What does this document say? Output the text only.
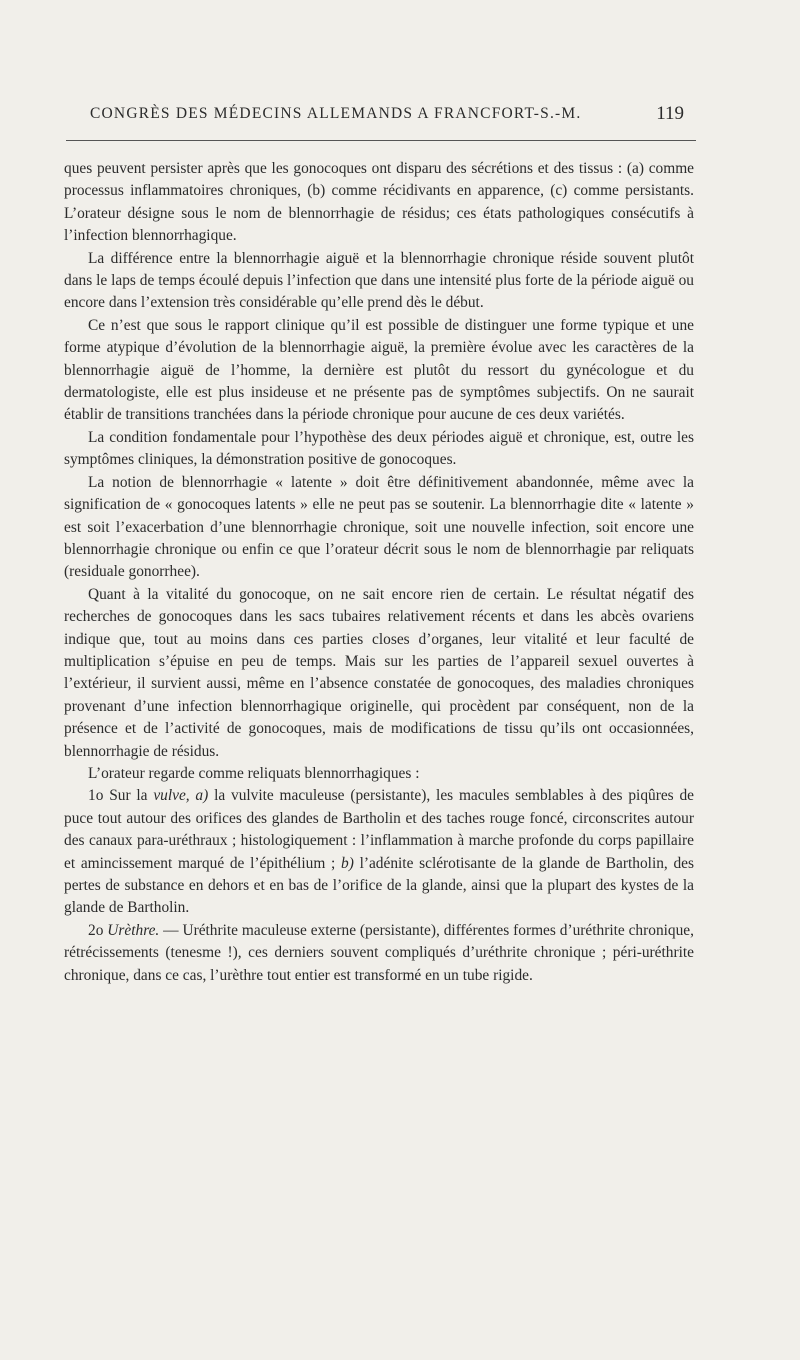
CONGRÈS DES MÉDECINS ALLEMANDS A FRANCFORT-S.-M.	119

ques peuvent persister après que les gonocoques ont disparu des sécrétions et des tissus : (a) comme processus inflammatoires chroniques, (b) comme récidivants en apparence, (c) comme persistants. L’orateur désigne sous le nom de blennorrhagie de résidus; ces états pathologiques consécutifs à l’infection blennorrhagique.

La différence entre la blennorrhagie aiguë et la blennorrhagie chronique réside souvent plutôt dans le laps de temps écoulé depuis l’infection que dans une intensité plus forte de la période aiguë ou encore dans l’extension très considérable qu’elle prend dès le début.

Ce n’est que sous le rapport clinique qu’il est possible de distinguer une forme typique et une forme atypique d’évolution de la blennorrhagie aiguë, la première évolue avec les caractères de la blennorrhagie aiguë de l’homme, la dernière est plutôt du ressort du gynécologue et du dermatologiste, elle est plus insideuse et ne présente pas de symptômes subjectifs. On ne saurait établir de transitions tranchées dans la période chronique pour aucune de ces deux variétés.

La condition fondamentale pour l’hypothèse des deux périodes aiguë et chronique, est, outre les symptômes cliniques, la démonstration positive de gonocoques.

La notion de blennorrhagie « latente » doit être définitivement abandonnée, même avec la signification de « gonocoques latents » elle ne peut pas se soutenir. La blennorrhagie dite « latente » est soit l’exacerbation d’une blennorrhagie chronique, soit une nouvelle infection, soit encore une blennorrhagie chronique ou enfin ce que l’orateur décrit sous le nom de blennorrhagie par reliquats (residuale gonorrhee).

Quant à la vitalité du gonocoque, on ne sait encore rien de certain. Le résultat négatif des recherches de gonocoques dans les sacs tubaires relativement récents et dans les abcès ovariens indique que, tout au moins dans ces parties closes d’organes, leur vitalité et leur faculté de multiplication s’épuise en peu de temps. Mais sur les parties de l’appareil sexuel ouvertes à l’extérieur, il survient aussi, même en l’absence constatée de gonocoques, des maladies chroniques provenant d’une infection blennorrhagique originelle, qui procèdent par conséquent, non de la présence et de l’activité de gonocoques, mais de modifications de tissu qu’ils ont occasionnées, blennorrhagie de résidus.

L’orateur regarde comme reliquats blennorrhagiques :

1o Sur la vulve, a) la vulvite maculeuse (persistante), les macules semblables à des piqûres de puce tout autour des orifices des glandes de Bartholin et des taches rouge foncé, circonscrites autour des canaux para-uréthraux ; histologiquement : l’inflammation à marche profonde du corps papillaire et amincissement marqué de l’épithélium ; b) l’adénite sclérotisante de la glande de Bartholin, des pertes de substance en dehors et en bas de l’orifice de la glande, ainsi que la plupart des kystes de la glande de Bartholin.

2o Urèthre. — Uréthrite maculeuse externe (persistante), différentes formes d’uréthrite chronique, rétrécissements (tenesme !), ces derniers souvent compliqués d’uréthrite chronique ; péri-uréthrite chronique, dans ce cas, l’urèthre tout entier est transformé en un tube rigide.
